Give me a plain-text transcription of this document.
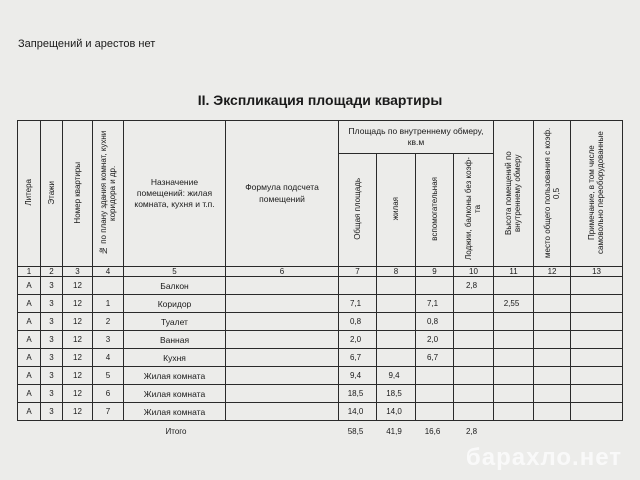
Запрещений и арестов нет
II. Экспликация площади квартиры
Литера	Этажи	Номер квартиры	№ по плану здания комнат, кухни коридора и др.	Назначение помещений: жилая комната, кухня и т.п.	Формула подсчета помещений	Площадь по внутреннему обмеру, кв.м				Высота помещений по внутреннему обмеру	место общего пользования с коэф. 0,5	Примечание, в том числе самовольно переоборудованные
						Общая площадь	жилая	вспомогательная	Лоджии, балконы без коэф-та			
1	2	3	4	5	6	7	8	9	10	11	12	13
А	3	12		Балкон					2,8			
А	3	12	1	Коридор		7,1		7,1		2,55		
А	3	12	2	Туалет		0,8		0,8				
А	3	12	3	Ванная		2,0		2,0				
А	3	12	4	Кухня		6,7		6,7				
А	3	12	5	Жилая комната		9,4	9,4					
А	3	12	6	Жилая комната		18,5	18,5					
А	3	12	7	Жилая комната		14,0	14,0					
Итого						58,5	41,9	16,6	2,8			
барахло.нет
